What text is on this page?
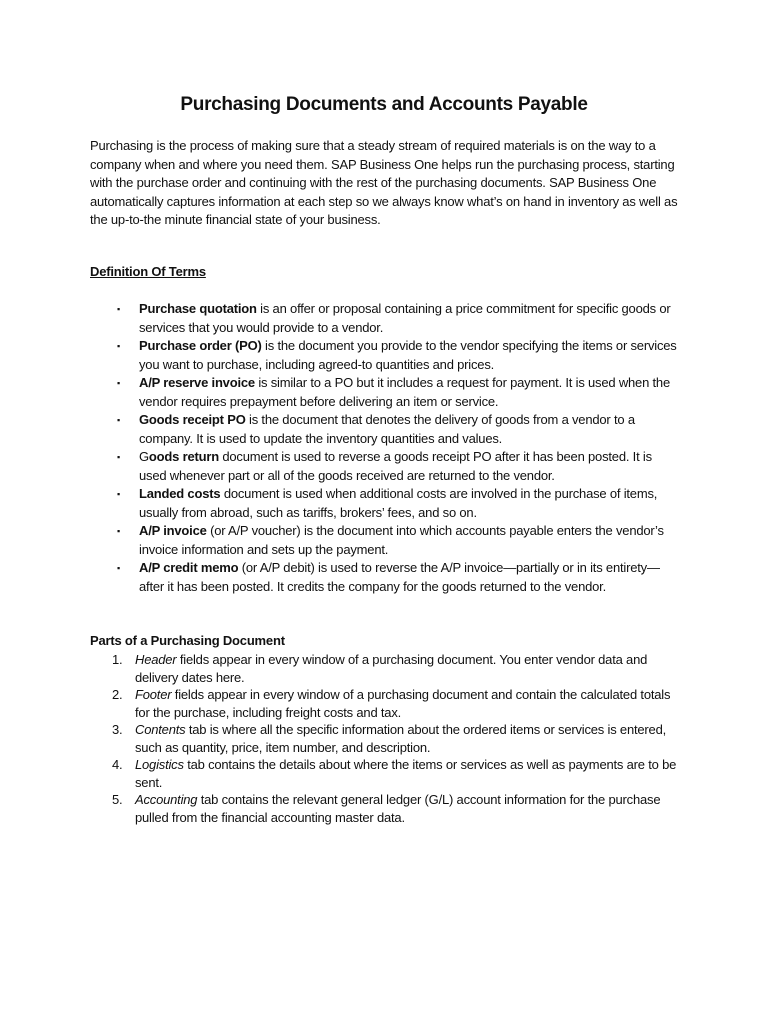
Purchasing Documents and Accounts Payable

Purchasing is the process of making sure that a steady stream of required materials is on the way to a company when and where you need them. SAP Business One helps run the purchasing process, starting with the purchase order and continuing with the rest of the purchasing documents. SAP Business One automatically captures information at each step so we always know what’s on hand in inventory as well as the up-to-the minute financial state of your business.

Definition Of Terms

▪ Purchase quotation is an offer or proposal containing a price commitment for specific goods or services that you would provide to a vendor.
▪ Purchase order (PO) is the document you provide to the vendor specifying the items or services you want to purchase, including agreed-to quantities and prices.
▪ A/P reserve invoice is similar to a PO but it includes a request for payment. It is used when the vendor requires prepayment before delivering an item or service.
▪ Goods receipt PO is the document that denotes the delivery of goods from a vendor to a company. It is used to update the inventory quantities and values.
▪ Goods return document is used to reverse a goods receipt PO after it has been posted. It is used whenever part or all of the goods received are returned to the vendor.
▪ Landed costs document is used when additional costs are involved in the purchase of items, usually from abroad, such as tariffs, brokers’ fees, and so on.
▪ A/P invoice (or A/P voucher) is the document into which accounts payable enters the vendor’s invoice information and sets up the payment.
▪ A/P credit memo (or A/P debit) is used to reverse the A/P invoice—partially or in its entirety—after it has been posted. It credits the company for the goods returned to the vendor.

Parts of a Purchasing Document

1. Header fields appear in every window of a purchasing document. You enter vendor data and delivery dates here.
2. Footer fields appear in every window of a purchasing document and contain the calculated totals for the purchase, including freight costs and tax.
3. Contents tab is where all the specific information about the ordered items or services is entered, such as quantity, price, item number, and description.
4. Logistics tab contains the details about where the items or services as well as payments are to be sent.
5. Accounting tab contains the relevant general ledger (G/L) account information for the purchase pulled from the financial accounting master data.
